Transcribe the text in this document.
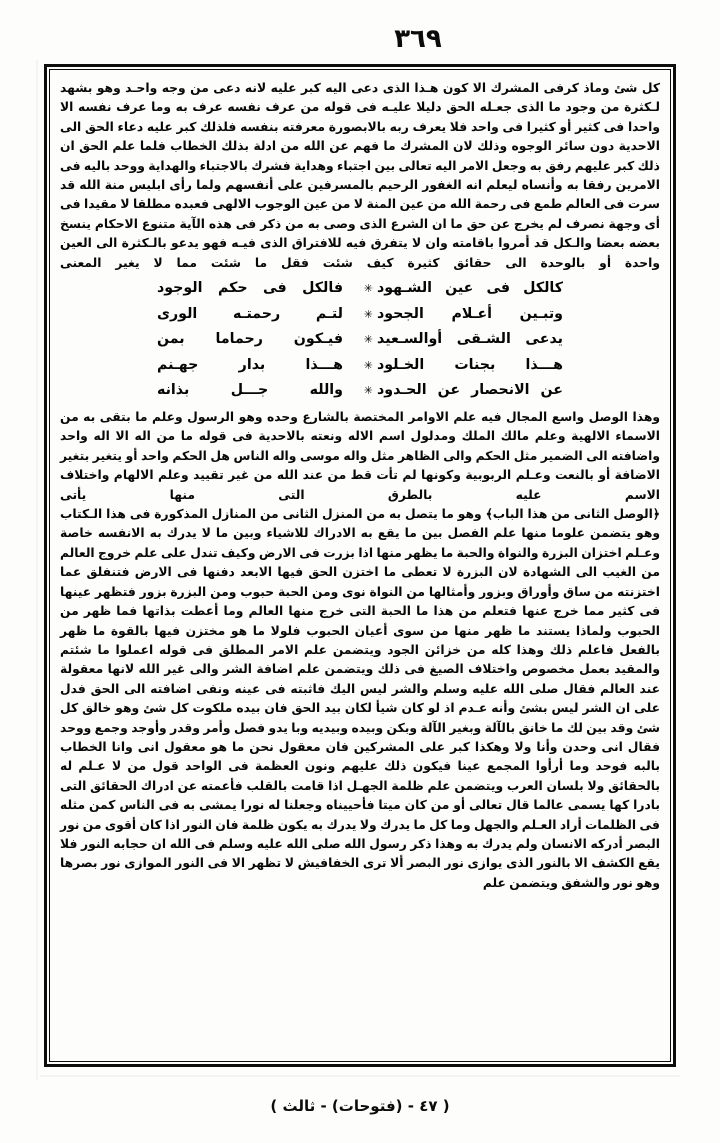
٣٦٩

كل شئ وماذ كرفى المشرك الا كون هـذا الذى دعى اليه كبر عليه لانه دعى من وجه واحـد وهو بشهد لـكثرة من وجود ما الذى جعـله الحق دليلا عليـه فى قوله من عرف نفسه عرف به وما عرف نفسه الا واحدا فى كثير أو كثيرا فى واحد فلا يعرف ربه بالابصورة معرفته بنفسه فلذلك كبر عليه دعاء الحق الى الاحدية دون سائر الوجوه وذلك لان المشرك ما فهم عن الله من ادلة بذلك الخطاب فلما علم الحق ان ذلك كبر عليهم رفق به وجعل الامر اليه تعالى بين اجتباء وهداية فشرك بالاجتباء والهداية ووحد باليه فى الامرين رفقا به وأنساه ليعلم انه الغفور الرحيم بالمسرفين على أنفسهم ولما رأى ابليس منة الله قد سرت فى العالم طمع فى رحمة الله من عين المنة لا من عين الوجوب الالهى فعبده مطلقا لا مقيدا فى أى وجهة نصرف لم يخرج عن حق ما ان الشرع الذى وصى به من ذكر فى هذه الآية متنوع الاحكام ينسخ بعضه بعضا والـكل قد أمروا باقامته وان لا يتفرق فيه للافتراق الذى فيـه فهو يدعو بالـكثرة الى العين واحدة أو بالوحدة الى حقائق كثيرة كيف شئت فقل ما شئت مما لا يغير المعنى

كالكل فى عين الشـهود
✳
فالكل فى حكم الوجود
وتبـين أعـلام الجحود
✳
لتـم رحمتـه الورى
يدعى الشـقى أوالسـعيد
✳
فيـكون رحماما بمن
هـــذا بجنات الخـلود
✳
هـــذا بدار جهـنم
عن الانحصار عن الحـدود
✳
والله جـــل بذانه

وهذا الوصل واسع المجال فيه علم الاوامر المختصة بالشارع وحده وهو الرسول وعلم ما بتقى به من الاسماء الالهية وعلم مالك الملك ومدلول اسم الاله ونعته بالاحدية فى قوله ما من اله الا اله واحد واضافته الى الضمير مثل الحكم والى الظاهر مثل واله موسى واله الناس هل الحكم واحد أو يتغير بتغير الاضافة أو بالنعت وعـلم الربوبية وكونها لم تأت قط من عند الله من غير تقييد وعلم الالهام واختلاف الاسم عليه بالطرق التى منها يأتى

﴿الوصل الثانى من هذا الباب﴾ وهو ما يتصل به من المنزل الثانى من المنازل المذكورة فى هذا الـكتاب وهو يتضمن علوما منها علم الفصل بين ما يقع به الادراك للاشياء وبين ما لا يدرك به الانفسه خاصة وعـلم اختزان البزرة والنواة والحبة ما يظهر منها اذا بزرت فى الارض وكيف تندل على علم خروج العالم من الغيب الى الشهادة لان البزرة لا تعطى ما اختزن الحق فيها الابعد دفنها فى الارض فتنفلق عما اختزنته من ساق وأوراق وبزور وأمثالها من النواة نوى ومن الحبة حبوب ومن البزرة بزور فتظهر عينها فى كثير مما خرج عنها فتعلم من هذا ما الحبة التى خرج منها العالم وما أعطت بذاتها فما ظهر من الحبوب ولماذا يستند ما ظهر منها من سوى أعيان الحبوب فلولا ما هو مختزن فيها بالقوة ما ظهر بالفعل فاعلم ذلك وهذا كله من خزائن الجود ويتضمن علم الامر المطلق فى قوله اعملوا ما شئتم والمقيد بعمل مخصوص واختلاف الصيغ فى ذلك ويتضمن علم اضافة الشر والى غير الله لانها معقولة عند العالم فقال صلى الله عليه وسلم والشر ليس اليك فاثبته فى عينه ونفى اضافته الى الحق فدل على ان الشر ليس بشئ وأنه عـدم اذ لو كان شيأ لكان بيد الحق فان بيده ملكوت كل شئ وهو خالق كل شئ وقد بين لك ما خانق بالآلة وبغير الآلة وبكن وبيده وبيديه وبا يدو فصل وأمر وقدر وأوجد وجمع ووحد فقال انى وحدن وأنا ولا وهكذا كبر على المشركين فان معقول نحن ما هو معقول انى وانا الخطاب بالبه فوحد وما أرأوا المجمع عينا فيكون ذلك عليهم ونون العظمة فى الواحد قول من لا عـلم له بالحقائق ولا بلسان العرب ويتضمن علم ظلمة الجهـل اذا قامت بالقلب فأعمته عن ادراك الحقائق التى بادرا كها يسمى عالما قال تعالى أو من كان ميتا فأحييناه وجعلنا له نورا يمشى به فى الناس كمن مثله فى الظلمات أراد العـلم والجهل وما كل ما يدرك ولا يدرك به يكون ظلمة فان النور اذا كان أقوى من نور البصر أدركه الانسان ولم يدرك به وهذا ذكر رسول الله صلى الله عليه وسلم فى الله ان حجابه النور فلا يقع الكشف الا بالنور الذى يوازى نور البصر ألا ترى الخفافيش لا تظهر الا فى النور الموازى نور بصرها وهو نور والشفق ويتضمن علم

( ٤٧ - (فتوحات) - ثالث )
